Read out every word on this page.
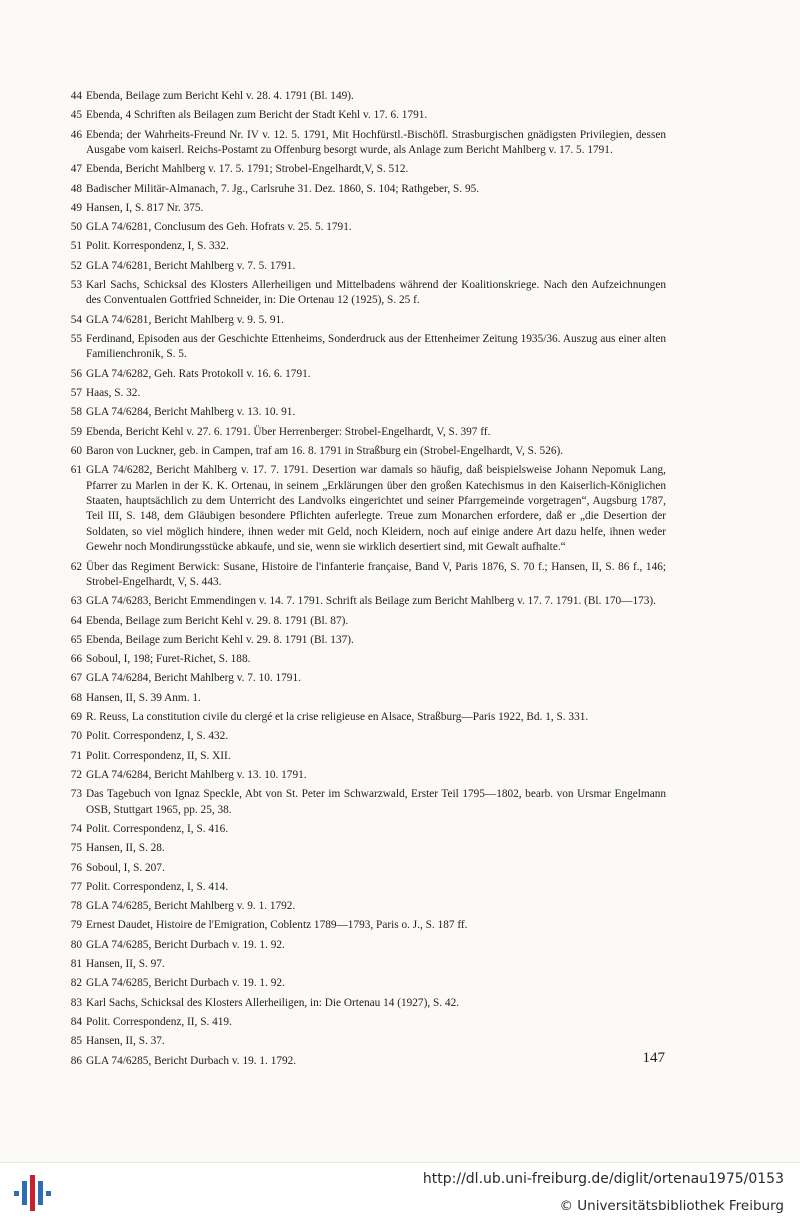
44 Ebenda, Beilage zum Bericht Kehl v. 28. 4. 1791 (Bl. 149).
45 Ebenda, 4 Schriften als Beilagen zum Bericht der Stadt Kehl v. 17. 6. 1791.
46 Ebenda; der Wahrheits-Freund Nr. IV v. 12. 5. 1791, Mit Hochfürstl.-Bischöfl. Strasburgischen gnädigsten Privilegien, dessen Ausgabe vom kaiserl. Reichs-Postamt zu Offenburg besorgt wurde, als Anlage zum Bericht Mahlberg v. 17. 5. 1791.
47 Ebenda, Bericht Mahlberg v. 17. 5. 1791; Strobel-Engelhardt,V, S. 512.
48 Badischer Militär-Almanach, 7. Jg., Carlsruhe 31. Dez. 1860, S. 104; Rathgeber, S. 95.
49 Hansen, I, S. 817 Nr. 375.
50 GLA 74/6281, Conclusum des Geh. Hofrats v. 25. 5. 1791.
51 Polit. Korrespondenz, I, S. 332.
52 GLA 74/6281, Bericht Mahlberg v. 7. 5. 1791.
53 Karl Sachs, Schicksal des Klosters Allerheiligen und Mittelbadens während der Koalitionskriege. Nach den Aufzeichnungen des Conventualen Gottfried Schneider, in: Die Ortenau 12 (1925), S. 25 f.
54 GLA 74/6281, Bericht Mahlberg v. 9. 5. 91.
55 Ferdinand, Episoden aus der Geschichte Ettenheims, Sonderdruck aus der Ettenheimer Zeitung 1935/36. Auszug aus einer alten Familienchronik, S. 5.
56 GLA 74/6282, Geh. Rats Protokoll v. 16. 6. 1791.
57 Haas, S. 32.
58 GLA 74/6284, Bericht Mahlberg v. 13. 10. 91.
59 Ebenda, Bericht Kehl v. 27. 6. 1791. Über Herrenberger: Strobel-Engelhardt, V, S. 397 ff.
60 Baron von Luckner, geb. in Campen, traf am 16. 8. 1791 in Straßburg ein (Strobel-Engelhardt, V, S. 526).
61 GLA 74/6282, Bericht Mahlberg v. 17. 7. 1791. Desertion war damals so häufig, daß beispielsweise Johann Nepomuk Lang, Pfarrer zu Marlen in der K. K. Ortenau, in seinem „Erklärungen über den großen Katechismus in den Kaiserlich-Königlichen Staaten, hauptsächlich zu dem Unterricht des Landvolks eingerichtet und seiner Pfarrgemeinde vorgetragen“, Augsburg 1787, Teil III, S. 148, dem Gläubigen besondere Pflichten auferlegte. Treue zum Monarchen erfordere, daß er „die Desertion der Soldaten, so viel möglich hindere, ihnen weder mit Geld, noch Kleidern, noch auf einige andere Art dazu helfe, ihnen weder Gewehr noch Mondirungsstücke abkaufe, und sie, wenn sie wirklich desertiert sind, mit Gewalt aufhalte.“
62 Über das Regiment Berwick: Susane, Histoire de l'infanterie française, Band V, Paris 1876, S. 70 f.; Hansen, II, S. 86 f., 146; Strobel-Engelhardt, V, S. 443.
63 GLA 74/6283, Bericht Emmendingen v. 14. 7. 1791. Schrift als Beilage zum Bericht Mahlberg v. 17. 7. 1791. (Bl. 170—173).
64 Ebenda, Beilage zum Bericht Kehl v. 29. 8. 1791 (Bl. 87).
65 Ebenda, Beilage zum Bericht Kehl v. 29. 8. 1791 (Bl. 137).
66 Soboul, I, 198; Furet-Richet, S. 188.
67 GLA 74/6284, Bericht Mahlberg v. 7. 10. 1791.
68 Hansen, II, S. 39 Anm. 1.
69 R. Reuss, La constitution civile du clergé et la crise religieuse en Alsace, Straßburg—Paris 1922, Bd. 1, S. 331.
70 Polit. Correspondenz, I, S. 432.
71 Polit. Correspondenz, II, S. XII.
72 GLA 74/6284, Bericht Mahlberg v. 13. 10. 1791.
73 Das Tagebuch von Ignaz Speckle, Abt von St. Peter im Schwarzwald, Erster Teil 1795—1802, bearb. von Ursmar Engelmann OSB, Stuttgart 1965, pp. 25, 38.
74 Polit. Correspondenz, I, S. 416.
75 Hansen, II, S. 28.
76 Soboul, I, S. 207.
77 Polit. Correspondenz, I, S. 414.
78 GLA 74/6285, Bericht Mahlberg v. 9. 1. 1792.
79 Ernest Daudet, Histoire de l'Emigration, Coblentz 1789—1793, Paris o. J., S. 187 ff.
80 GLA 74/6285, Bericht Durbach v. 19. 1. 92.
81 Hansen, II, S. 97.
82 GLA 74/6285, Bericht Durbach v. 19. 1. 92.
83 Karl Sachs, Schicksal des Klosters Allerheiligen, in: Die Ortenau 14 (1927), S. 42.
84 Polit. Correspondenz, II, S. 419.
85 Hansen, II, S. 37.
86 GLA 74/6285, Bericht Durbach v. 19. 1. 1792.	147
http://dl.ub.uni-freiburg.de/diglit/ortenau1975/0153
© Universitätsbibliothek Freiburg
